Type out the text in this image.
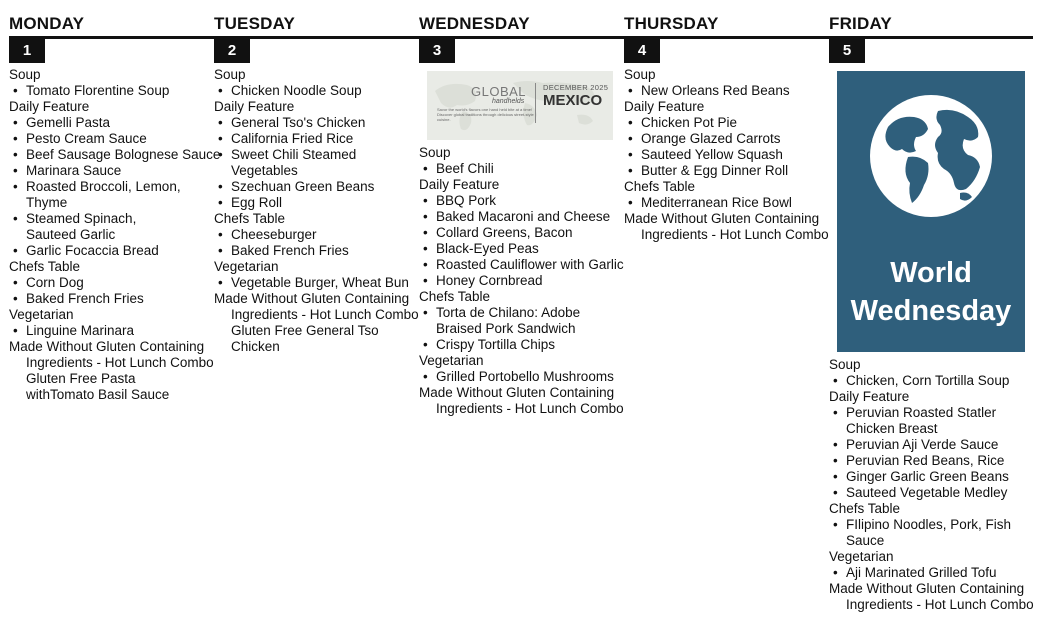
MONDAY
1
Soup
• Tomato Florentine Soup
Daily Feature
• Gemelli Pasta
• Pesto Cream Sauce
• Beef Sausage Bolognese Sauce
• Marinara Sauce
• Roasted Broccoli, Lemon, Thyme
• Steamed Spinach, Sauteed Garlic
• Garlic Focaccia Bread
Chefs Table
• Corn Dog
• Baked French Fries
Vegetarian
• Linguine Marinara
Made Without Gluten Containing Ingredients - Hot Lunch Combo
Gluten Free Pasta withTomato Basil Sauce
TUESDAY
2
Soup
• Chicken Noodle Soup
Daily Feature
• General Tso's Chicken
• California Fried Rice
• Sweet Chili Steamed Vegetables
• Szechuan Green Beans
• Egg Roll
Chefs Table
• Cheeseburger
• Baked French Fries
Vegetarian
• Vegetable Burger, Wheat Bun
Made Without Gluten Containing Ingredients - Hot Lunch Combo
Gluten Free General Tso Chicken
WEDNESDAY
3
GLOBAL
handhelds
Savor the world's flavors one hand held bite at a time! Discover global traditions through delicious street-style cuisine.
DECEMBER 2025
MEXICO
Soup
• Beef Chili
Daily Feature
• BBQ Pork
• Baked Macaroni and Cheese
• Collard Greens, Bacon
• Black-Eyed Peas
• Roasted Cauliflower with Garlic
• Honey Cornbread
Chefs Table
• Torta de Chilano: Adobe Braised Pork Sandwich
• Crispy Tortilla Chips
Vegetarian
• Grilled Portobello Mushrooms
Made Without Gluten Containing Ingredients - Hot Lunch Combo
THURSDAY
4
Soup
• New Orleans Red Beans
Daily Feature
• Chicken Pot Pie
• Orange Glazed Carrots
• Sauteed Yellow Squash
• Butter & Egg Dinner Roll
Chefs Table
• Mediterranean Rice Bowl
Made Without Gluten Containing Ingredients - Hot Lunch Combo
FRIDAY
5
World
Wednesday
Soup
• Chicken, Corn Tortilla Soup
Daily Feature
• Peruvian Roasted Statler Chicken Breast
• Peruvian Aji Verde Sauce
• Peruvian Red Beans, Rice
• Ginger Garlic Green Beans
• Sauteed Vegetable Medley
Chefs Table
• FIlipino Noodles, Pork, Fish Sauce
Vegetarian
• Aji Marinated Grilled Tofu
Made Without Gluten Containing Ingredients - Hot Lunch Combo
